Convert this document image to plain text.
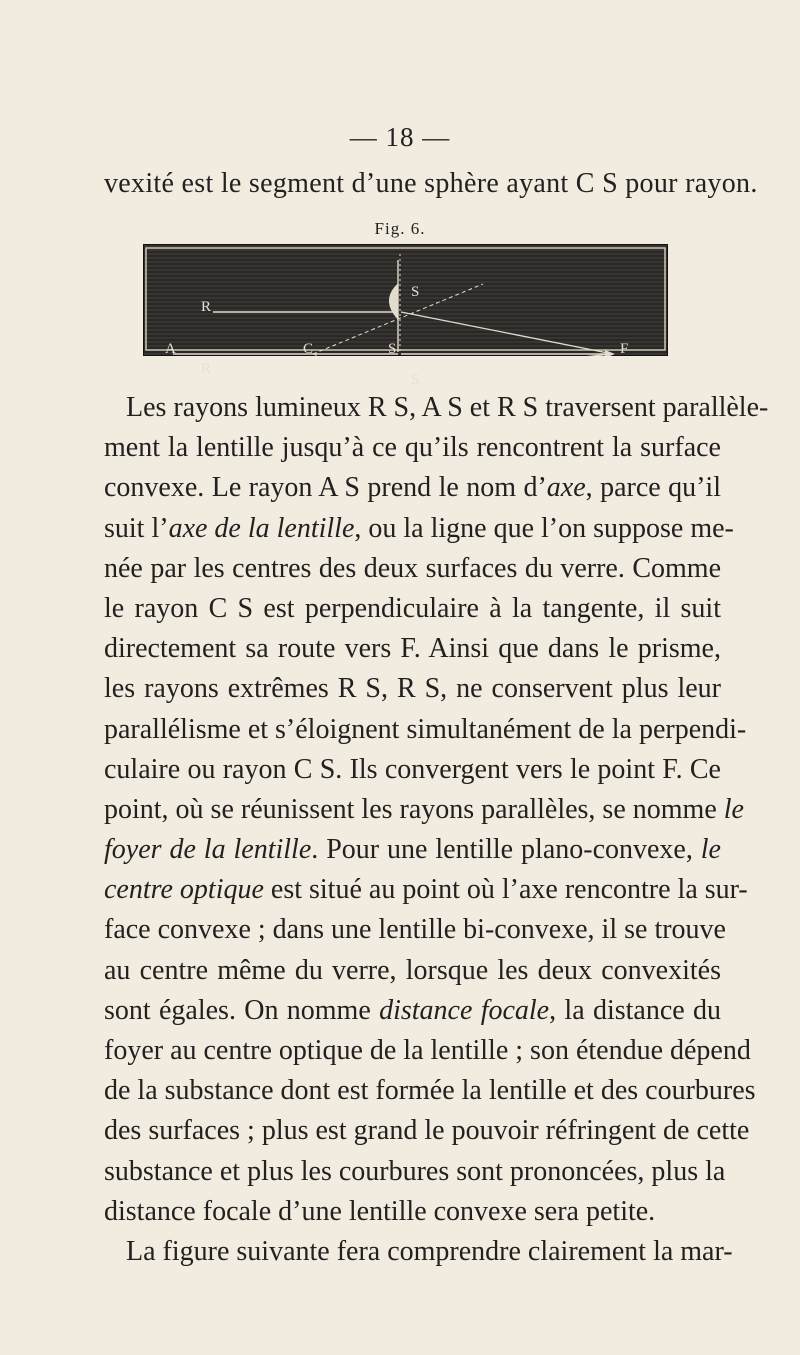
— 18 —
vexité est le segment d’une sphère ayant C S pour rayon.
Fig. 6.
R
A
R
C
S
S
S
F
Les rayons lumineux R S, A S et R S traversent parallèle-
ment la lentille jusqu’à ce qu’ils rencontrent la surface
convexe. Le rayon A S prend le nom d’axe, parce qu’il
suit l’axe de la lentille, ou la ligne que l’on suppose me-
née par les centres des deux surfaces du verre. Comme
le rayon C S est perpendiculaire à la tangente, il suit
directement sa route vers F. Ainsi que dans le prisme,
les rayons extrêmes R S, R S, ne conservent plus leur
parallélisme et s’éloignent simultanément de la perpendi-
culaire ou rayon C S. Ils convergent vers le point F. Ce
point, où se réunissent les rayons parallèles, se nomme le
foyer de la lentille. Pour une lentille plano-convexe, le
centre optique est situé au point où l’axe rencontre la sur-
face convexe ; dans une lentille bi-convexe, il se trouve
au centre même du verre, lorsque les deux convexités
sont égales. On nomme distance focale, la distance du
foyer au centre optique de la lentille ; son étendue dépend
de la substance dont est formée la lentille et des courbures
des surfaces ; plus est grand le pouvoir réfringent de cette
substance et plus les courbures sont prononcées, plus la
distance focale d’une lentille convexe sera petite.
La figure suivante fera comprendre clairement la mar-
